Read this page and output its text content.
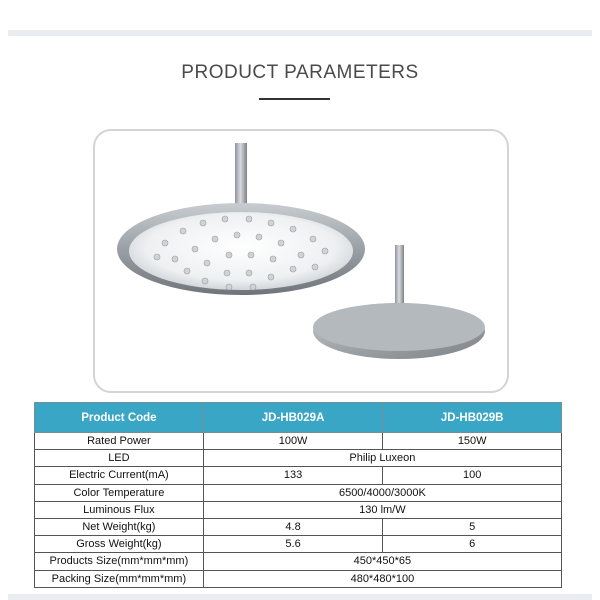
PRODUCT PARAMETERS
Product Code	JD-HB029A	JD-HB029B
Rated Power	100W	150W
LED	Philip Luxeon	
Electric Current(mA)	133	100
Color Temperature	6500/4000/3000K	
Luminous Flux	130 lm/W	
Net Weight(kg)	4.8	5
Gross Weight(kg)	5.6	6
Products Size(mm*mm*mm)	450*450*65	
Packing Size(mm*mm*mm)	480*480*100	
